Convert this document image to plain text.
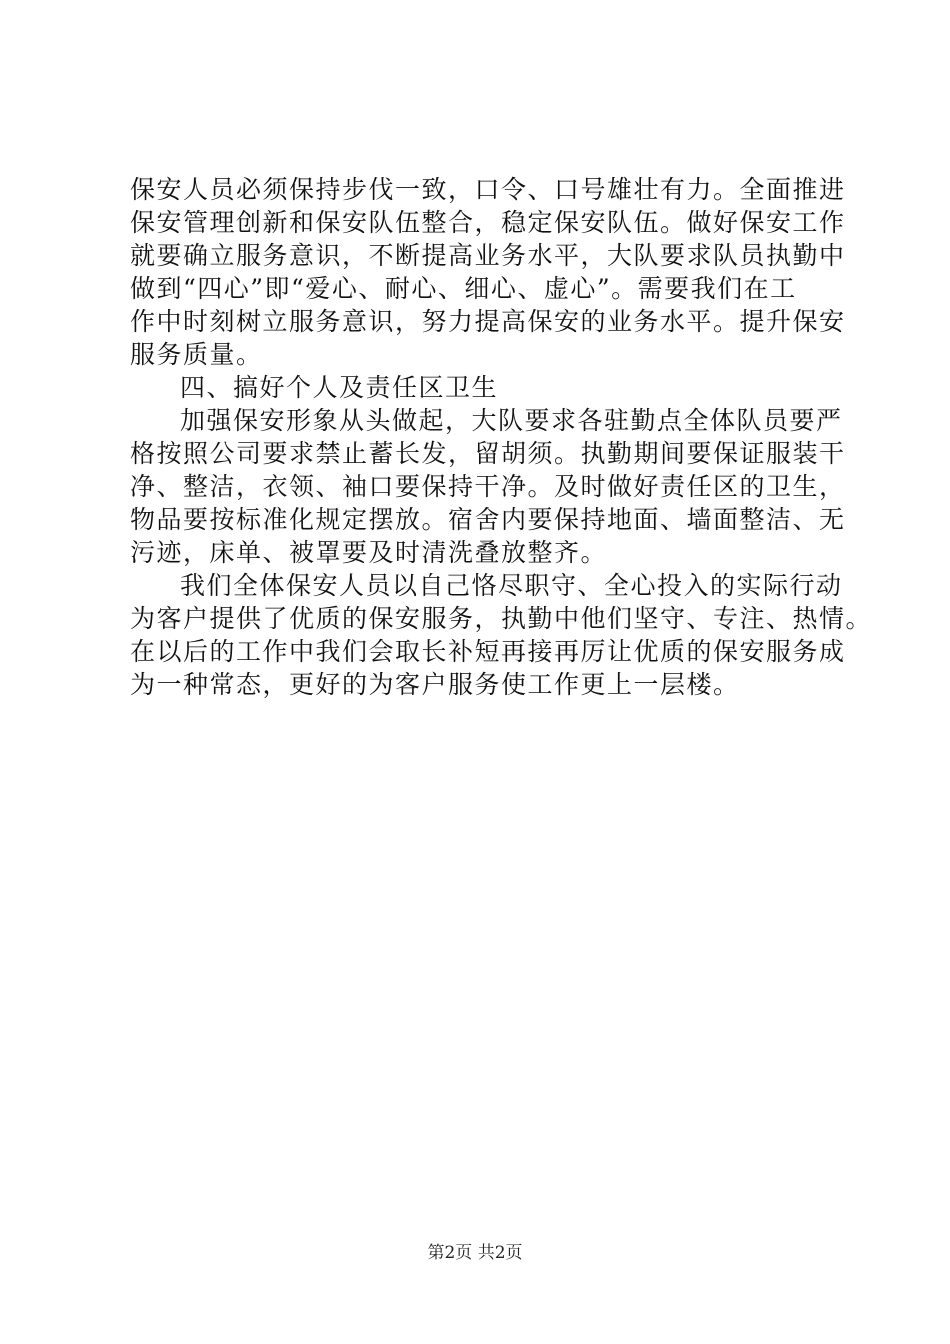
保安人员必须保持步伐一致，口令、口号雄壮有力。全面推进
保安管理创新和保安队伍整合，稳定保安队伍。做好保安工作
就要确立服务意识，不断提高业务水平，大队要求队员执勤中
做到“四心”即“爱心、耐心、细心、虚心”。需要我们在工
作中时刻树立服务意识，努力提高保安的业务水平。提升保安
服务质量。
四、搞好个人及责任区卫生
加强保安形象从头做起，大队要求各驻勤点全体队员要严
格按照公司要求禁止蓄长发，留胡须。执勤期间要保证服装干
净、整洁，衣领、袖口要保持干净。及时做好责任区的卫生，
物品要按标准化规定摆放。宿舍内要保持地面、墙面整洁、无
污迹，床单、被罩要及时清洗叠放整齐。
我们全体保安人员以自己恪尽职守、全心投入的实际行动
为客户提供了优质的保安服务，执勤中他们坚守、专注、热情。
在以后的工作中我们会取长补短再接再厉让优质的保安服务成
为一种常态，更好的为客户服务使工作更上一层楼。
第2页 共2页
